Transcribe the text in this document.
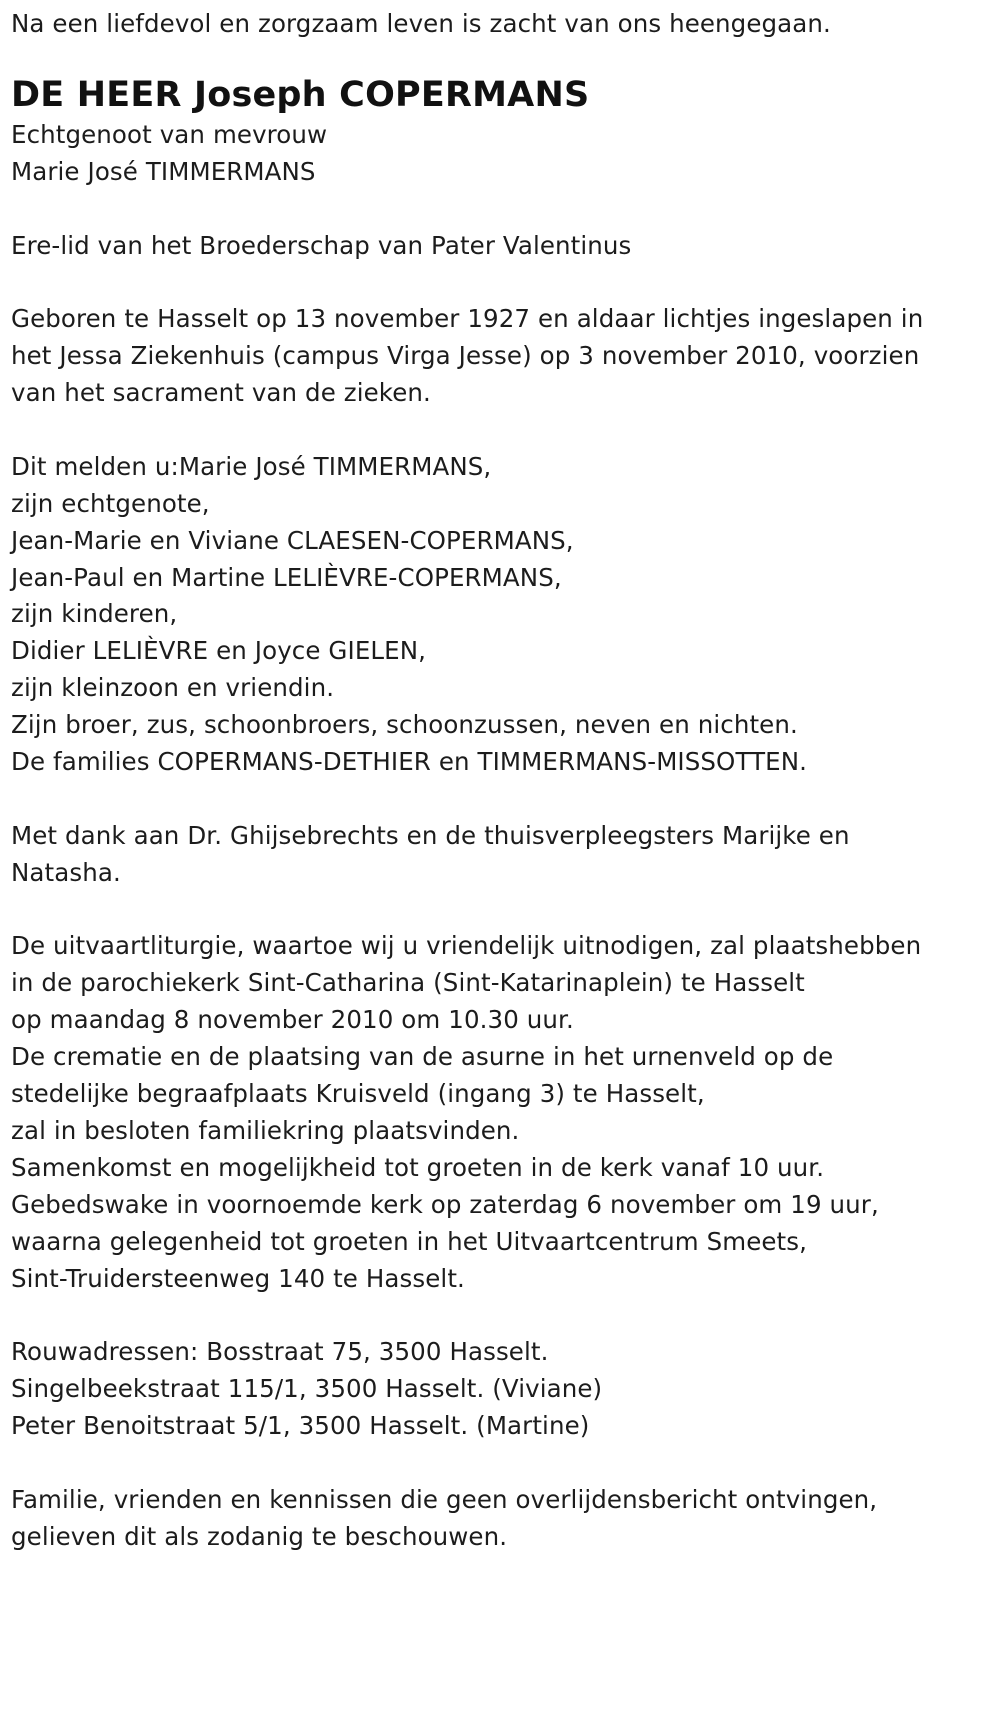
Na een liefdevol en zorgzaam leven is zacht van ons heengegaan.
DE HEER Joseph COPERMANS
Echtgenoot van mevrouw
Marie José TIMMERMANS
Ere-lid van het Broederschap van Pater Valentinus
Geboren te Hasselt op 13 november 1927 en aldaar lichtjes ingeslapen in
het Jessa Ziekenhuis (campus Virga Jesse) op 3 november 2010, voorzien
van het sacrament van de zieken.
Dit melden u:Marie José TIMMERMANS,
zijn echtgenote,
Jean-Marie en Viviane CLAESEN-COPERMANS,
Jean-Paul en Martine LELIÈVRE-COPERMANS,
zijn kinderen,
Didier LELIÈVRE en Joyce GIELEN,
zijn kleinzoon en vriendin.
Zijn broer, zus, schoonbroers, schoonzussen, neven en nichten.
De families COPERMANS-DETHIER en TIMMERMANS-MISSOTTEN.
Met dank aan Dr. Ghijsebrechts en de thuisverpleegsters Marijke en
Natasha.
De uitvaartliturgie, waartoe wij u vriendelijk uitnodigen, zal plaatshebben
in de parochiekerk Sint-Catharina (Sint-Katarinaplein) te Hasselt
op maandag 8 november 2010 om 10.30 uur.
De crematie en de plaatsing van de asurne in het urnenveld op de
stedelijke begraafplaats Kruisveld (ingang 3) te Hasselt,
zal in besloten familiekring plaatsvinden.
Samenkomst en mogelijkheid tot groeten in de kerk vanaf 10 uur.
Gebedswake in voornoemde kerk op zaterdag 6 november om 19 uur,
waarna gelegenheid tot groeten in het Uitvaartcentrum Smeets,
Sint-Truidersteenweg 140 te Hasselt.
Rouwadressen: Bosstraat 75, 3500 Hasselt.
Singelbeekstraat 115/1, 3500 Hasselt. (Viviane)
Peter Benoitstraat 5/1, 3500 Hasselt. (Martine)
Familie, vrienden en kennissen die geen overlijdensbericht ontvingen,
gelieven dit als zodanig te beschouwen.
